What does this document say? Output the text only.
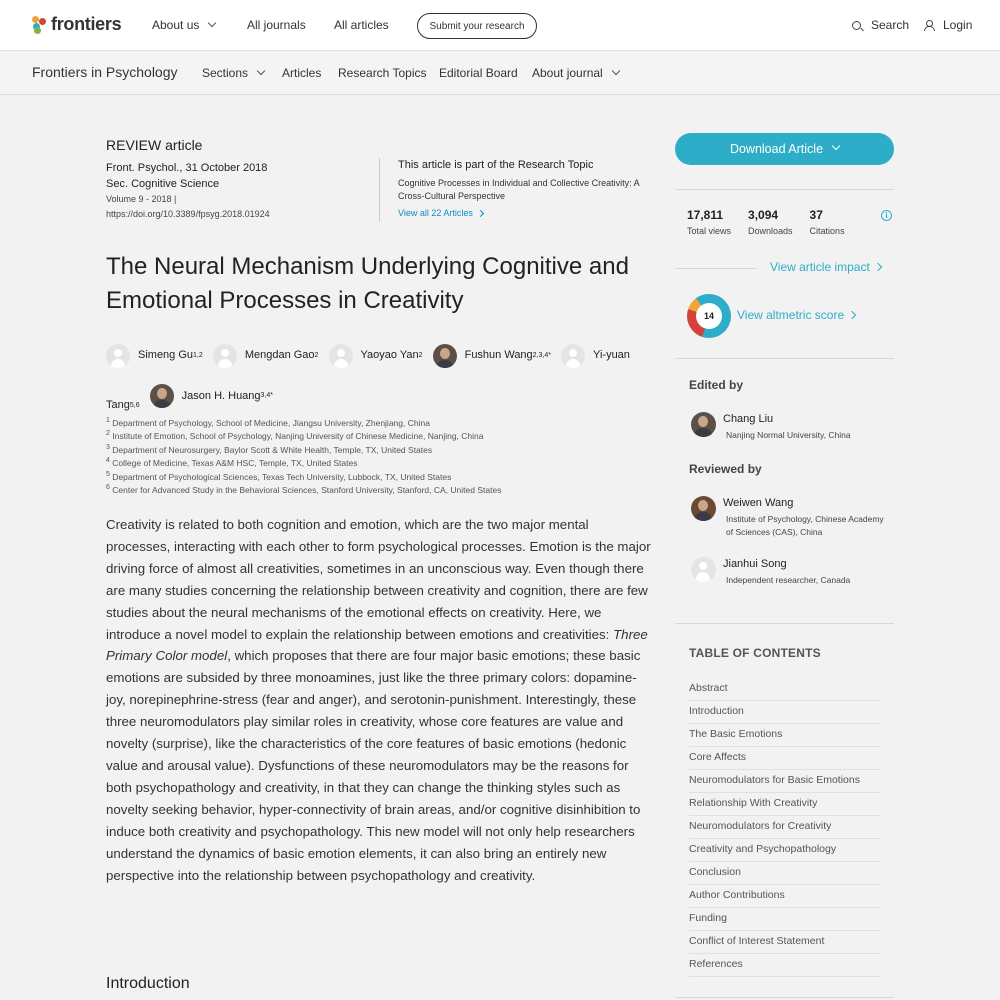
frontiers	About us	All journals All articles	Submit your research	Search	Login
Frontiers in Psychology Sections	Articles Research Topics Editorial Board About journal
REVIEW article
Front. Psychol., 31 October 2018
Sec. Cognitive Science
Volume 9 - 2018 |
https://doi.org/10.3389/fpsyg.2018.01924
This article is part of the Research Topic
Cognitive Processes in Individual and Collective Creativity: A Cross-Cultural Perspective
View all 22 Articles
The Neural Mechanism Underlying Cognitive and Emotional Processes in Creativity
Simeng Gu 1,2
	Mengdan Gao 2
	Yaoyao Yan 2
	Fushun Wang 2,3,4*
	Yi-yuan

Tang 5,6

Jason H. Huang 3,4*
$^1$ Department of Psychology, School of Medicine, Jiangsu University, Zhenjiang, China
$^2$ Institute of Emotion, School of Psychology, Nanjing University of Chinese Medicine, Nanjing, China
$^3$ Department of Neurosurgery, Baylor Scott & White Health, Temple, TX, United States
$^4$ College of Medicine, Texas A&M HSC, Temple, TX, United States
$^5$ Department of Psychological Sciences, Texas Tech University, Lubbock, TX, United States
$^6$ Center for Advanced Study in the Behavioral Sciences, Stanford University, Stanford, CA, United States

Creativity is related to both cognition and emotion, which are the two major mental processes, interacting with each other to form psychological processes. Emotion is the major driving force of almost all creativities, sometimes in an unconscious way. Even though there are many studies concerning the relationship between creativity and cognition, there are few studies about the neural mechanisms of the emotional effects on creativity. Here, we introduce a novel model to explain the relationship between emotions and creativities: Three Primary Color model, which proposes that there are four major basic emotions; these basic emotions are subsided by three monoamines, just like the three primary colors: dopamine-joy, norepinephrine-stress (fear and anger), and serotonin-punishment. Interestingly, these three neuromodulators play similar roles in creativity, whose core features are value and novelty (surprise), like the characteristics of the core features of basic emotions (hedonic value and arousal value). Dysfunctions of these neuromodulators may be the reasons for both psychopathology and creativity, in that they can change the thinking styles such as novelty seeking behavior, hyper-connectivity of brain areas, and/or cognitive disinhibition to induce both creativity and psychopathology. This new model will not only help researchers understand the dynamics of basic emotion elements, it can also bring an entirely new perspective into the relationship between psychopathology and creativity.

Introduction
Download Article
17,811
Total views
3,094
Downloads
37
Citations
i
View article impact
14	View altmetric score
Edited by
Chang Liu
Nanjing Normal University, China
Reviewed by
Weiwen Wang
Institute of Psychology, Chinese Academy of Sciences (CAS), China
Jianhui Song
Independent researcher, Canada
TABLE OF CONTENTS
Abstract
Introduction
The Basic Emotions
Core Affects
Neuromodulators for Basic Emotions
Relationship With Creativity
Neuromodulators for Creativity
Creativity and Psychopathology
Conclusion
Author Contributions
Funding
Conflict of Interest Statement
References
